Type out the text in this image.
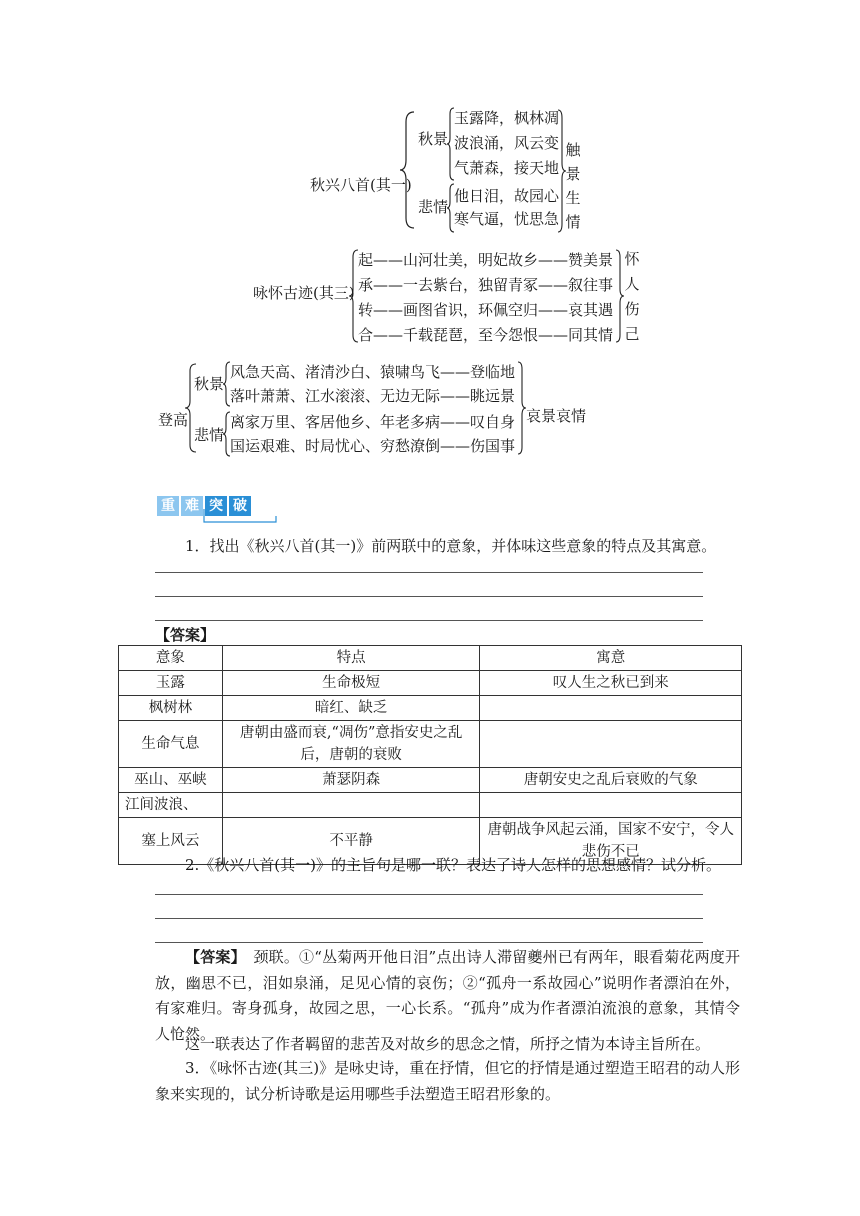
秋兴八首(其一)
秋景
悲情
玉露降，枫林凋
波浪涌，风云变
气萧森，接天地
他日泪，故园心
寒气逼，忧思急
触
景
生
情
咏怀古迹(其三)
起——山河壮美，明妃故乡——赞美景
承——一去紫台，独留青冢——叙往事
转——画图省识，环佩空归——哀其遇
合——千载琵琶，至今怨恨——同其情
怀
人
伤
己
登高
秋景
悲情
风急天高、渚清沙白、猿啸鸟飞——登临地
落叶萧萧、江水滚滚、无边无际——眺远景
离家万里、客居他乡、年老多病——叹自身
国运艰难、时局忧心、穷愁潦倒——伤国事
哀景哀情
重 难 突 破
1．找出《秋兴八首(其一)》前两联中的意象，并体味这些意象的特点及其寓意。
【答案】
意象	特点	寓意
玉露	生命极短	叹人生之秋已到来
枫树林	暗红、缺乏	
生命气息	唐朝由盛而衰,“凋伤”意指安史之乱后，唐朝的衰败	
巫山、巫峡	萧瑟阴森	唐朝安史之乱后衰败的气象
江间波浪、		
塞上风云	不平静	唐朝战争风起云涌，国家不安宁，令人悲伤不已
2.《秋兴八首(其一)》的主旨句是哪一联？表达了诗人怎样的思想感情？试分析。
【答案】　颈联。①“丛菊两开他日泪”点出诗人滞留夔州已有两年，眼看菊花两度开放，幽思不已，泪如泉涌，足见心情的哀伤；②“孤舟一系故园心”说明作者漂泊在外，有家难归。寄身孤身，故园之思，一心长系。“孤舟”成为作者漂泊流浪的意象，其情令人怆然。
这一联表达了作者羁留的悲苦及对故乡的思念之情，所抒之情为本诗主旨所在。
3．《咏怀古迹(其三)》是咏史诗，重在抒情，但它的抒情是通过塑造王昭君的动人形象来实现的，试分析诗歌是运用哪些手法塑造王昭君形象的。
